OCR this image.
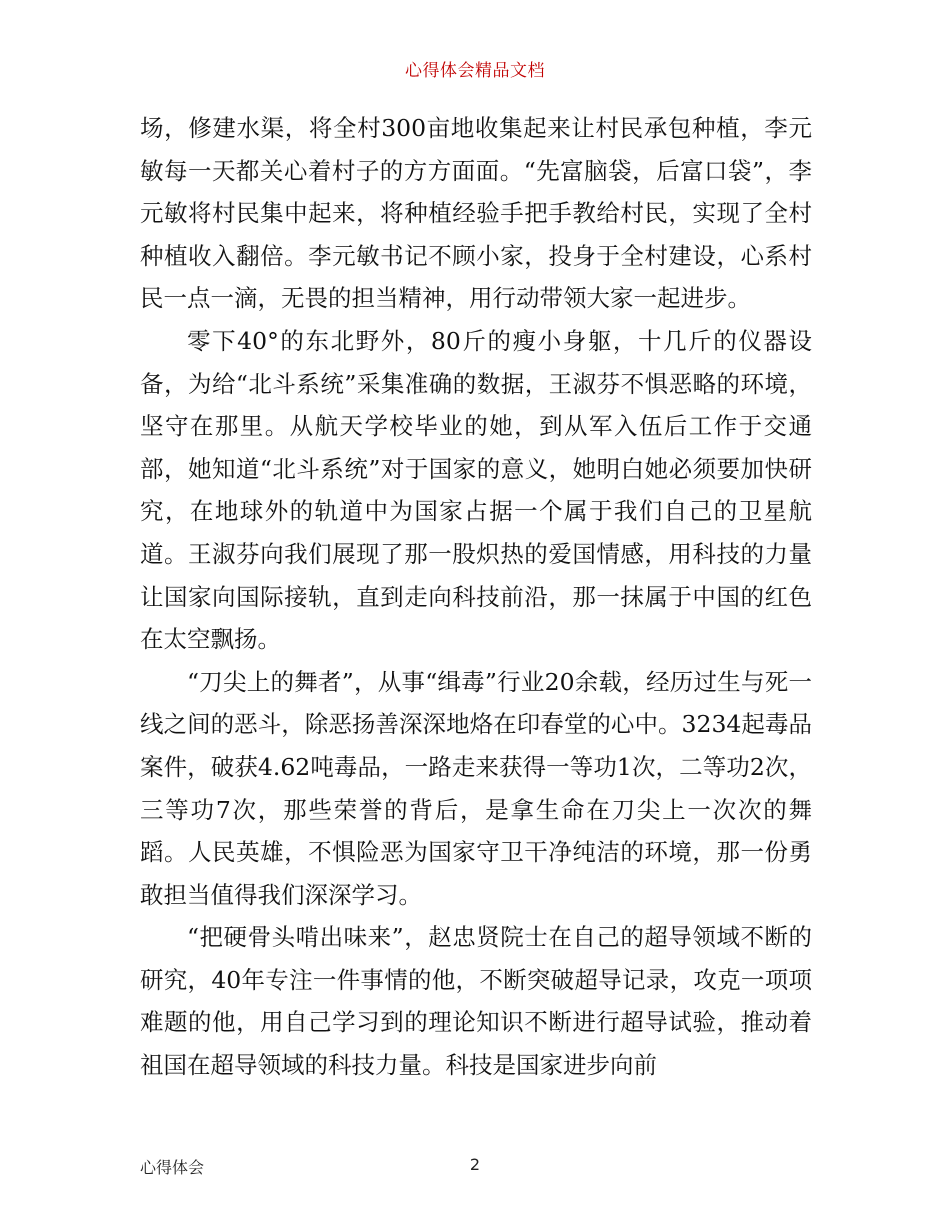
心得体会精品文档

场，修建水渠，将全村300亩地收集起来让村民承包种植，李元敏每一天都关心着村子的方方面面。“先富脑袋，后富口袋”，李元敏将村民集中起来，将种植经验手把手教给村民，实现了全村种植收入翻倍。李元敏书记不顾小家，投身于全村建设，心系村民一点一滴，无畏的担当精神，用行动带领大家一起进步。

零下40°的东北野外，80斤的瘦小身躯，十几斤的仪器设备，为给“北斗系统”采集准确的数据，王淑芬不惧恶略的环境，坚守在那里。从航天学校毕业的她，到从军入伍后工作于交通部，她知道“北斗系统”对于国家的意义，她明白她必须要加快研究，在地球外的轨道中为国家占据一个属于我们自己的卫星航道。王淑芬向我们展现了那一股炽热的爱国情感，用科技的力量让国家向国际接轨，直到走向科技前沿，那一抹属于中国的红色在太空飘扬。

“刀尖上的舞者”，从事“缉毒”行业20余载，经历过生与死一线之间的恶斗，除恶扬善深深地烙在印春堂的心中。3234起毒品案件，破获4.62吨毒品，一路走来获得一等功1次，二等功2次，三等功7次，那些荣誉的背后，是拿生命在刀尖上一次次的舞蹈。人民英雄，不惧险恶为国家守卫干净纯洁的环境，那一份勇敢担当值得我们深深学习。

“把硬骨头啃出味来”，赵忠贤院士在自己的超导领域不断的研究，40年专注一件事情的他，不断突破超导记录，攻克一项项难题的他，用自己学习到的理论知识不断进行超导试验，推动着祖国在超导领域的科技力量。科技是国家进步向前

心得体会	2
